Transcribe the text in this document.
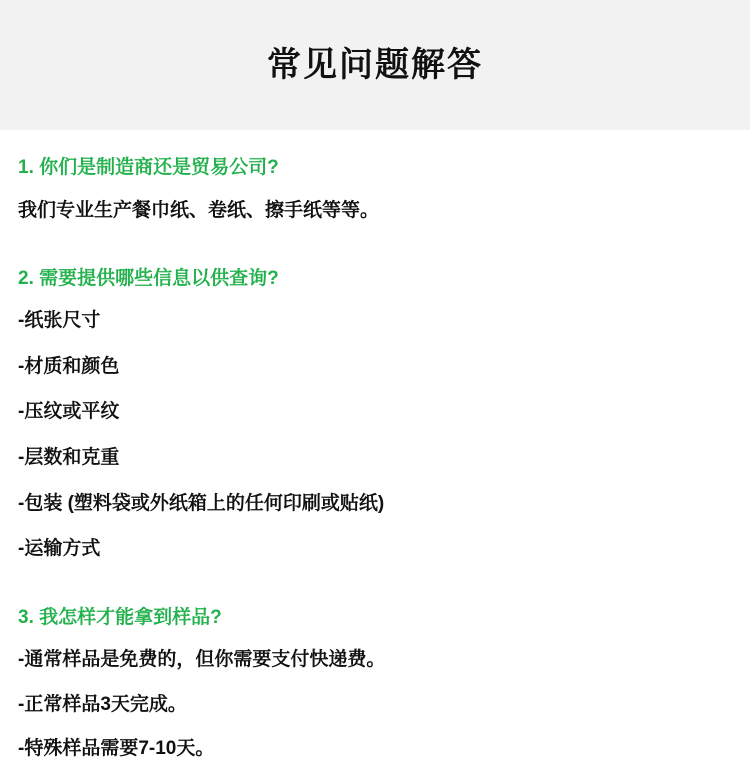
常见问题解答
1. 你们是制造商还是贸易公司?
我们专业生产餐巾纸、卷纸、擦手纸等等。
2. 需要提供哪些信息以供查询?
-纸张尺寸
-材质和颜色
-压纹或平纹
-层数和克重
-包装 (塑料袋或外纸箱上的任何印刷或贴纸)
-运输方式
3. 我怎样才能拿到样品?
-通常样品是免费的，但你需要支付快递费。
-正常样品3天完成。
-特殊样品需要7-10天。
